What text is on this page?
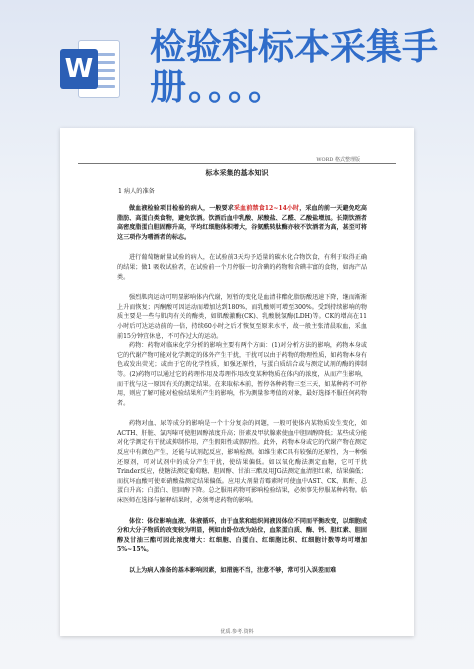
W
检验科标本采集手
册。。。。
WORD 格式整理版
标本采集的基本知识
1 病人的准备

做血液检验项目检验的病人，一般要求采血前禁食12~14小时，采血的前一天避免吃高脂肪、高蛋白类食物，避免饮酒。饮酒后血中乳酸、尿酸盐、乙醛、乙酸盐增加。长期饮酒者高密度脂蛋白胆固醇升高，平均红细胞体积增大，谷氨酰转肽酶亦较不饮酒者为高，甚至可将这三项作为嗜酒者的标志。

进行葡萄糖耐量试验的病人，在试验前3天均予适量的碳水化合物饮食，有利于取得正确的结果；做1 吸收试验者，在试验前一个月停服一切含碘的药物和含碘丰富的食物，如海产品类。

强烈肌肉运动可明显影响体内代谢，短暂的变化是血清非酯化脂肪酸迅速下降，继而渐渐上升而恢复；丙酮酸可因运动而增加达到180%，而乳酸则可增至300%。受到持续影响的物质主要是一些与肌肉有关的酶类，如肌酸激酶(CK)、乳酸脱氢酶(LDH)等。CK的增高在11小时后可达运动前的一倍，持续60小时之后才恢复至原来水平，故一般主张清晨取血，采血前15分钟宜休息，不可作过大的运动。

药物：药物对临床化学分析的影响主要有两个方面：(1)对分析方法的影响，药物本身或它的代谢产物可能对化学测定的体外产生干扰，干扰可以由于药物的物理性质，如药物本身有色或发出荧光；或由于它的化学性质，如强还原性，与蛋白质结合或与测定试剂的酶的抑制等。(2)药物可以通过它的药理作用及毒理作用改变某种物质在体内的浓度，从而产生影响，而干扰与这一原因有关的测定结果。在来取标本前，暂停各种药物三至三天，如某种药不可停用，则应了解可能对检验结果所产生的影响，作为测量参考值的对象，最好选择不服任何药物者。

药物对血、尿等成分的影响是一个十分复杂的问题，一般可使体内某物质发生变化，如ACTH、肝脏、氯丙嗪可使胆固醇浓度升高；肝素及甲状腺素使血中胆固醇降低；某些成分能对化学测定有干扰或抑制作用，产生假阳性或假阴性。此外，药物本身或它的代谢产物在测定反应中有颜色产生，还能与试剂起反应，影响检测。如维生素C具有较强的还原性，为一种强还原剂，可对试剂中的成分产生干扰，使结果偏低。如以氧化酶法测定血糖，它可干扰Trinder反应，使糖法测定葡萄糖、胆固醇、甘油三酯及用JG法测定血清胆红素，结果偏低；而抗坏血酸可使亚硝酸盐测定结果偏低。应用大剂量青霉素时可使血中AST、CK、肌酐、总蛋白升高；白蛋白、胆固醇下降。总之服用药物可影响检验结果，必须事先停服某种药物。临床医师在选择与解释结果时，必须考虑药物的影响。

体位：体位影响血液、体液循环，由于血浆和组织间液因体位不同而平衡改变，以细胞成分和大分子物质的改变较为明显，例如由卧位改为站位，血浆蛋白质、酶、钙、胆红素、胆固醇及甘油三酯可因此浓度增大：红细胞、白蛋白、红细胞比积、红细胞计数等均可增加5%~15%。

以上为病人准备的基本影响因素，如措施不当，注意不够，常可引入误差而难

优质.参考.资料
